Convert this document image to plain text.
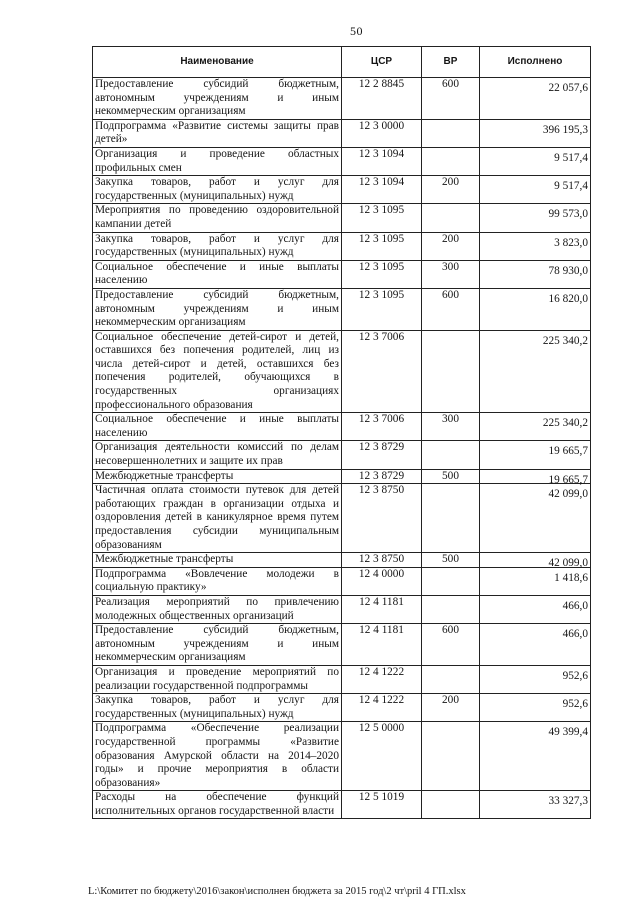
50
Наименование	ЦСР	ВР	Исполнено
Предоставление субсидий бюджетным, автономным учреждениям и иным некоммерческим организациям	12 2 8845	600	22 057,6
Подпрограмма «Развитие системы защиты прав детей»	12 3 0000		396 195,3
Организация и проведение областных профильных смен	12 3 1094		9 517,4
Закупка товаров, работ и услуг для государственных (муниципальных) нужд	12 3 1094	200	9 517,4
Мероприятия по проведению оздоровительной кампании детей	12 3 1095		99 573,0
Закупка товаров, работ и услуг для государственных (муниципальных) нужд	12 3 1095	200	3 823,0
Социальное обеспечение и иные выплаты населению	12 3 1095	300	78 930,0
Предоставление субсидий бюджетным, автономным учреждениям и иным некоммерческим организациям	12 3 1095	600	16 820,0
Социальное обеспечение детей-сирот и детей, оставшихся без попечения родителей, лиц из числа детей-сирот и детей, оставшихся без попечения родителей, обучающихся в государственных организациях профессионального образования	12 3 7006		225 340,2
Социальное обеспечение и иные выплаты населению	12 3 7006	300	225 340,2
Организация деятельности комиссий по делам несовершеннолетних и защите их прав	12 3 8729		19 665,7
Межбюджетные трансферты	12 3 8729	500	19 665,7
Частичная оплата стоимости путевок для детей работающих граждан в организации отдыха и оздоровления детей в каникулярное время путем предоставления субсидии муниципальным образованиям	12 3 8750		42 099,0
Межбюджетные трансферты	12 3 8750	500	42 099,0
Подпрограмма «Вовлечение молодежи в социальную практику»	12 4 0000		1 418,6
Реализация мероприятий по привлечению молодежных общественных организаций	12 4 1181		466,0
Предоставление субсидий бюджетным, автономным учреждениям и иным некоммерческим организациям	12 4 1181	600	466,0
Организация и проведение мероприятий по реализации государственной подпрограммы	12 4 1222		952,6
Закупка товаров, работ и услуг для государственных (муниципальных) нужд	12 4 1222	200	952,6
Подпрограмма «Обеспечение реализации государственной программы «Развитие образования Амурской области на 2014–2020 годы» и прочие мероприятия в области образования»	12 5 0000		49 399,4
Расходы на обеспечение функций исполнительных органов государственной власти	12 5 1019		33 327,3
L:\Комитет по бюджету\2016\закон\исполнен бюджета за 2015 год\2 чт\pril 4 ГП.xlsx
